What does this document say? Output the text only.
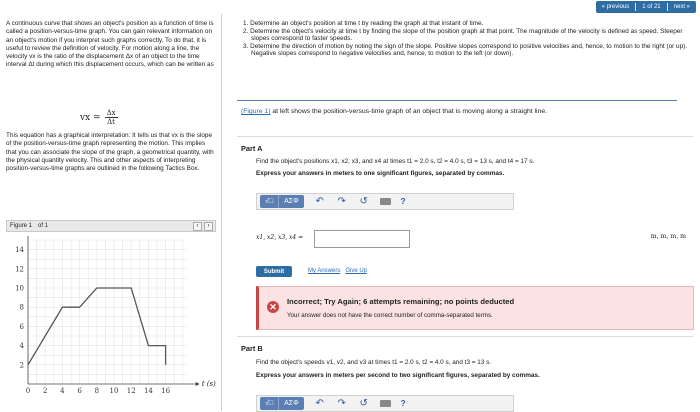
« previous	1 of 21	next »

A continuous curve that shows an object's position as a function of time is called a position-versus-time graph. You can gain relevant information on an object's motion if you interpret such graphs correctly. To do that, it is useful to review the definition of velocity. For motion along a line, the velocity vx is the ratio of the displacement Δx of an object to the time interval Δt during which this displacement occurs, which can be written as

vx = $\frac{\Delta x}{\Delta t}$

This equation has a graphical interpretation: It tells us that vx is the slope of the position-versus-time graph representing the motion. This implies that you can associate the slope of the graph, a geometrical quantity, with the physical quantity velocity. This and other aspects of interpreting position-versus-time graphs are outlined in the following Tactics Box.

Figure 1 of 1	‹	›
t (s)
14
12
10
8
6
4
2
0 2 4 6 8 10 12 14 16
1. Determine an object's position at time t by reading the graph at that instant of time.
2. Determine the object's velocity at time t by finding the slope of the position graph at that point. The magnitude of the velocity is defined as speed. Steeper slopes correspond to faster speeds.
3. Determine the direction of motion by noting the sign of the slope. Positive slopes correspond to positive velocities and, hence, to motion to the right (or up). Negative slopes correspond to negative velocities and, hence, to motion to the left (or down).
(Figure 1) at left shows the position-versus-time graph of an object that is moving along a straight line.
Part A
Find the object's positions x1, x2, x3, and x4 at times t1 = 2.0 s, t2 = 4.0 s, t3 = 13 s, and t4 = 17 s.
Express your answers in meters to one significant figures, separated by commas.
√□	ΑΣΦ	↶ ↷ ↺	?
x1, x2, x3, x4 =	m, m, m, m
Submit	My Answers Give Up
✕
Incorrect; Try Again; 6 attempts remaining; no points deducted
Your answer does not have the correct number of comma-separated terms.
Part B
Find the object's speeds v1, v2, and v3 at times t1 = 2.0 s, t2 = 4.0 s, and t3 = 13 s.
Express your answers in meters per second to two significant figures, separated by commas.
√□	ΑΣΦ	↶ ↷ ↺	?
